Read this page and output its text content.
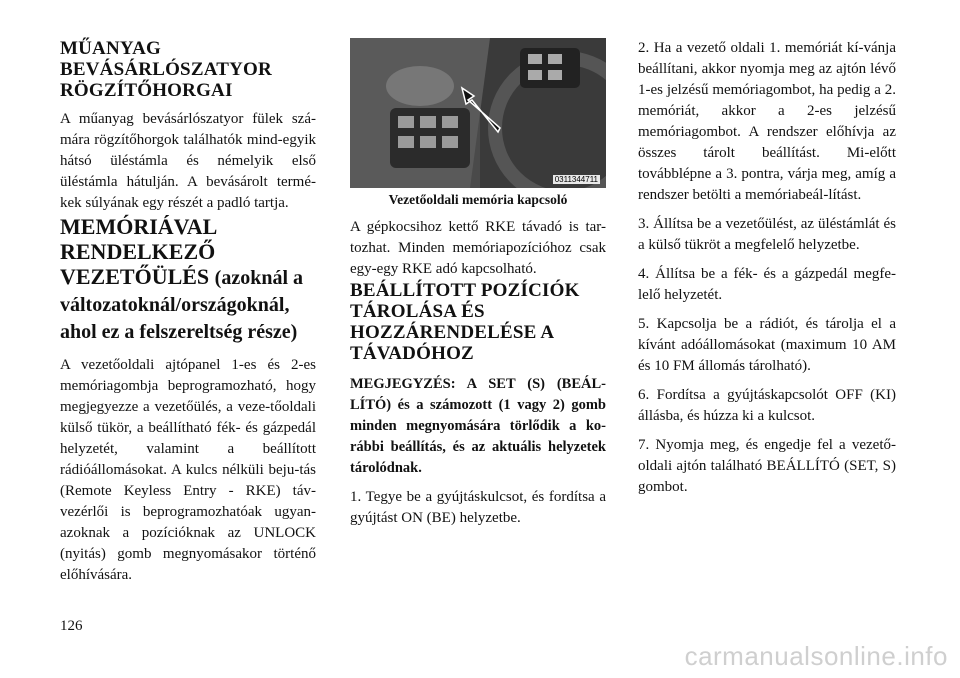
MŰANYAG BEVÁSÁRLÓSZATYOR RÖGZÍTŐHORGAI

A műanyag bevásárlószatyor fülek szá-mára rögzítőhorgok találhatók mind-egyik hátsó üléstámla és némelyik első üléstámla hátulján. A bevásárolt termé-kek súlyának egy részét a padló tartja.

MEMÓRIÁVAL RENDELKEZŐ VEZETŐÜLÉS (azoknál a változatoknál/országoknál, ahol ez a felszereltség része)

A vezetőoldali ajtópanel 1-es és 2-es memóriagombja beprogramozható, hogy megjegyezze a vezetőülés, a veze-tőoldali külső tükör, a beállítható fék- és gázpedál helyzetét, valamint a beállított rádióállomásokat. A kulcs nélküli beju-tás (Remote Keyless Entry - RKE) táv-vezérlői is beprogramozhatóak ugyan-azoknak a pozícióknak az UNLOCK (nyitás) gomb megnyomásakor történő előhívására.

0311344711
Vezetőoldali memória kapcsoló

A gépkocsihoz kettő RKE távadó is tar-tozhat. Minden memóriapozícióhoz csak egy-egy RKE adó kapcsolható.

BEÁLLÍTOTT POZÍCIÓK TÁROLÁSA ÉS HOZZÁRENDELÉSE A TÁVADÓHOZ

MEGJEGYZÉS: A SET (S) (BEÁL-LÍTÓ) és a számozott (1 vagy 2) gomb minden megnyomására törlődik a ko-rábbi beállítás, és az aktuális helyzetek tárolódnak.

1. Tegye be a gyújtáskulcsot, és fordítsa a gyújtást ON (BE) helyzetbe.

2. Ha a vezető oldali 1. memóriát kí-vánja beállítani, akkor nyomja meg az ajtón lévő 1-es jelzésű memóriagombot, ha pedig a 2. memóriát, akkor a 2-es jelzésű memóriagombot. A rendszer előhívja az összes tárolt beállítást. Mi-előtt továbblépne a 3. pontra, várja meg, amíg a rendszer betölti a memóriabeál-lítást.

3. Állítsa be a vezetőülést, az üléstámlát és a külső tükröt a megfelelő helyzetbe.

4. Állítsa be a fék- és a gázpedál megfe-lelő helyzetét.

5. Kapcsolja be a rádiót, és tárolja el a kívánt adóállomásokat (maximum 10 AM és 10 FM állomás tárolható).

6. Fordítsa a gyújtáskapcsolót OFF (KI) állásba, és húzza ki a kulcsot.

7. Nyomja meg, és engedje fel a vezető-oldali ajtón található BEÁLLÍTÓ (SET, S) gombot.

126
carmanualsonline.info
